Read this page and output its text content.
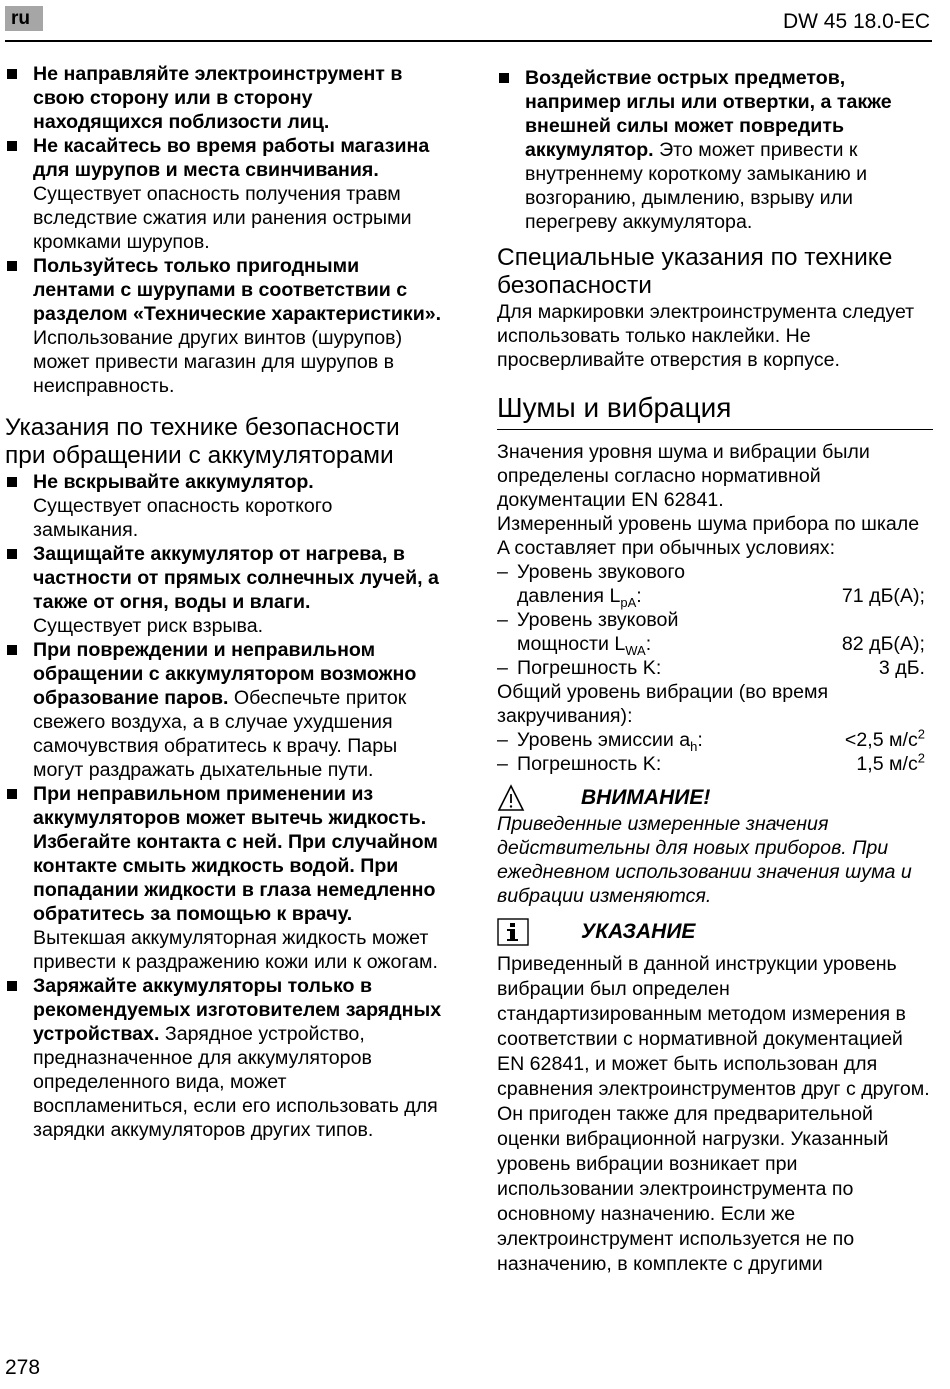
ru	DW 45 18.0-EC
Не направляйте электроинструмент в свою сторону или в сторону находящихся поблизости лиц.
Не касайтесь во время работы магазина для шурупов и места свинчивания.
Существует опасность получения травм вследствие сжатия или ранения острыми кромками шурупов.
Пользуйтесь только пригодными лентами с шурупами в соответствии с разделом «Технические характеристики».
Использование других винтов (шурупов) может привести магазин для шурупов в неисправность.
Указания по технике безопасности при обращении с аккумуляторами
Не вскрывайте аккумулятор.
Существует опасность короткого замыкания.
Защищайте аккумулятор от нагрева, в частности от прямых солнечных лучей, а также от огня, воды и влаги.
Существует риск взрыва.
При повреждении и неправильном обращении с аккумулятором возможно образование паров. Обеспечьте приток свежего воздуха, а в случае ухудшения самочувствия обратитесь к врачу. Пары могут раздражать дыхательные пути.
При неправильном применении из аккумуляторов может вытечь жидкость. Избегайте контакта с ней. При случайном контакте смыть жидкость водой. При попадании жидкости в глаза немедленно обратитесь за помощью к врачу. Вытекшая аккумуляторная жидкость может привести к раздражению кожи или к ожогам.
Заряжайте аккумуляторы только в рекомендуемых изготовителем зарядных устройствах. Зарядное устройство, предназначенное для аккумуляторов определенного вида, может воспламениться, если его использовать для зарядки аккумуляторов других типов.
Воздействие острых предметов, например иглы или отвертки, а также внешней силы может повредить аккумулятор. Это может привести к внутреннему короткому замыканию и возгоранию, дымлению, взрыву или перегреву аккумулятора.
Специальные указания по технике безопасности
Для маркировки электроинструмента следует использовать только наклейки. Не просверливайте отверстия в корпусе.
Шумы и вибрация
Значения уровня шума и вибрации были определены согласно нормативной документации EN 62841.
Измеренный уровень шума прибора по шкале A составляет при обычных условиях:
– Уровень звукового
давления $L_{pA}$:	71 дБ(A);
– Уровень звуковой
мощности $L_{WA}$:	82 дБ(A);
– Погрешность K:	3 дБ.
Общий уровень вибрации (во время закручивания):
– Уровень эмиссии $a_h$:	<2,5 $м/с^2$
– Погрешность K:	1,5 $м/с^2$
ВНИМАНИЕ!
Приведенные измеренные значения действительны для новых приборов. При ежедневном использовании значения шума и вибрации изменяются.
УКАЗАНИЕ
Приведенный в данной инструкции уровень вибрации был определен стандартизированным методом измерения в соответствии с нормативной документацией EN 62841, и может быть использован для сравнения электроинструментов друг с другом. Он пригоден также для предварительной оценки вибрационной нагрузки. Указанный уровень вибрации возникает при использовании электроинструмента по основному назначению. Если же электроинструмент используется не по назначению, в комплекте с другими
278
